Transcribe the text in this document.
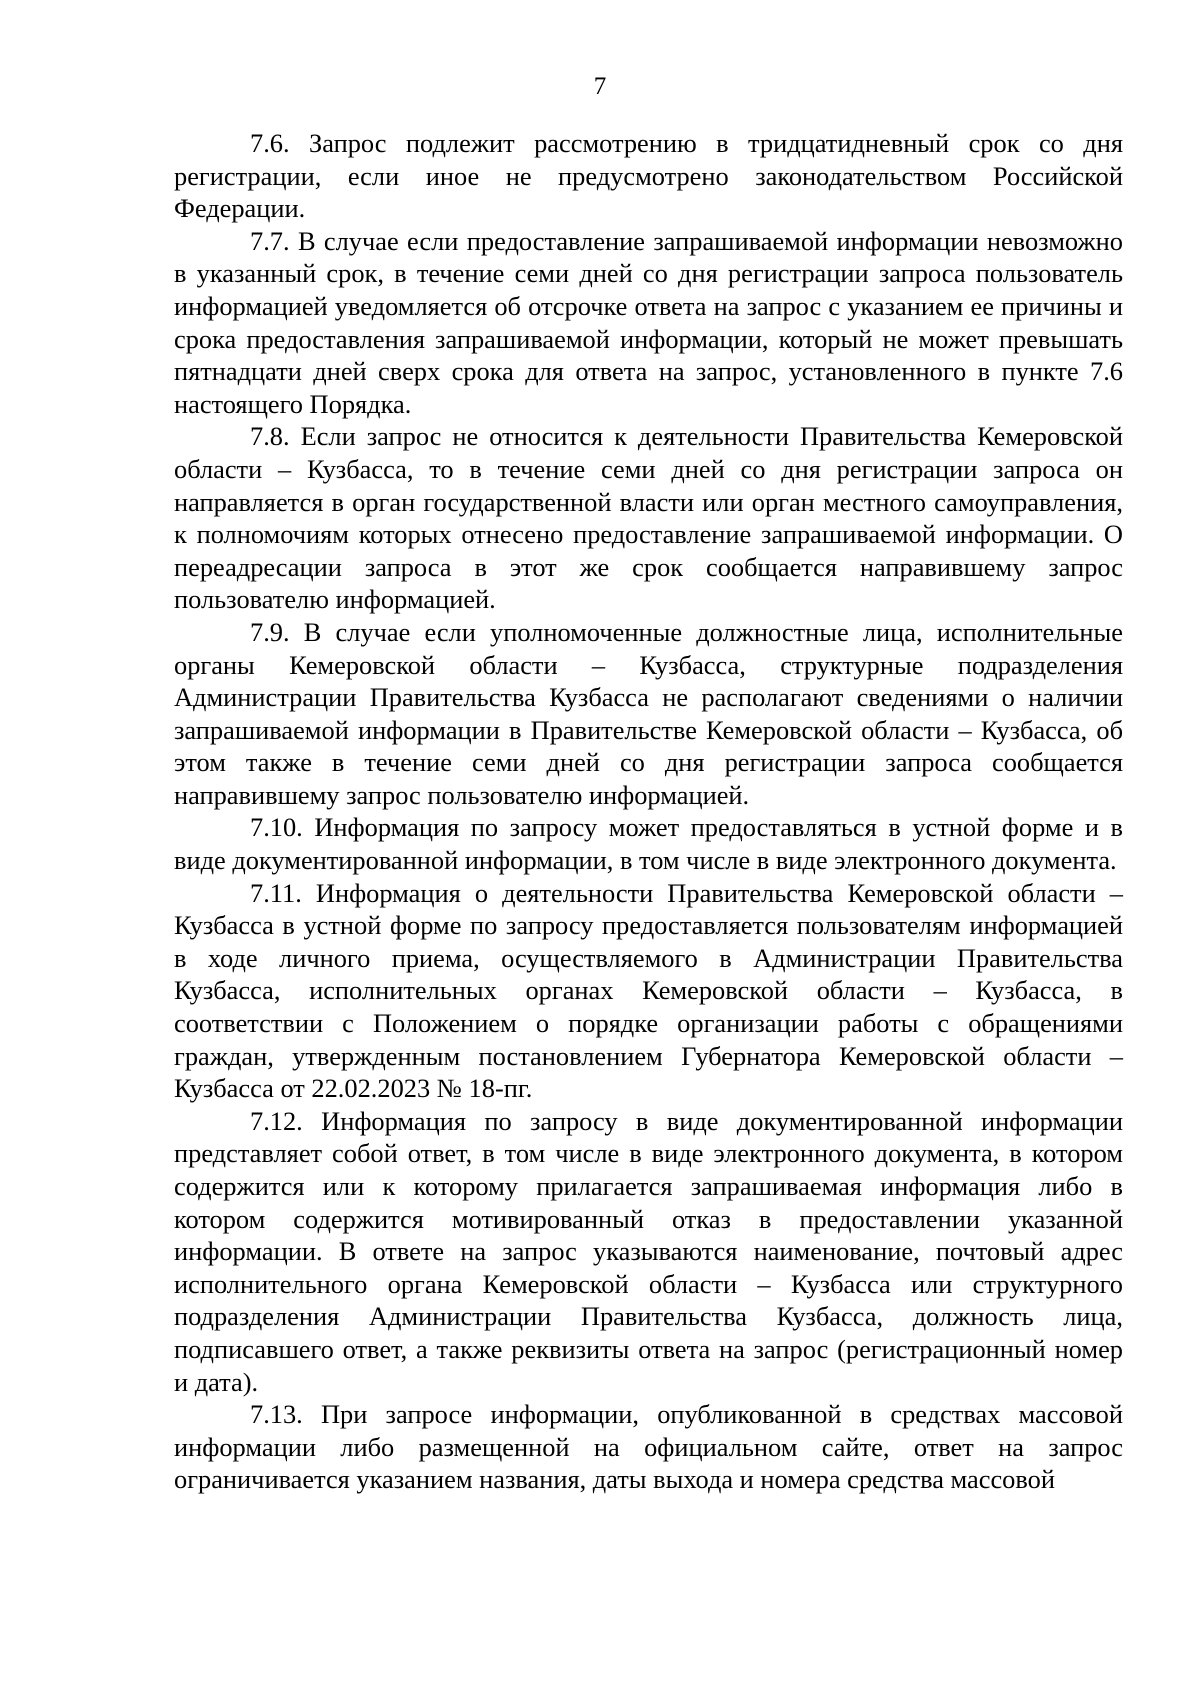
7

7.6. Запрос подлежит рассмотрению в тридцатидневный срок со дня регистрации, если иное не предусмотрено законодательством Российской Федерации.

7.7. В случае если предоставление запрашиваемой информации невозможно в указанный срок, в течение семи дней со дня регистрации запроса пользователь информацией уведомляется об отсрочке ответа на запрос с указанием ее причины и срока предоставления запрашиваемой информации, который не может превышать пятнадцати дней сверх срока для ответа на запрос, установленного в пункте 7.6 настоящего Порядка.

7.8. Если запрос не относится к деятельности Правительства Кемеровской области – Кузбасса, то в течение семи дней со дня регистрации запроса он направляется в орган государственной власти или орган местного самоуправления, к полномочиям которых отнесено предоставление запрашиваемой информации. О переадресации запроса в этот же срок сообщается направившему запрос пользователю информацией.

7.9. В случае если уполномоченные должностные лица, исполнительные органы Кемеровской области – Кузбасса, структурные подразделения Администрации Правительства Кузбасса не располагают сведениями о наличии запрашиваемой информации в Правительстве Кемеровской области – Кузбасса, об этом также в течение семи дней со дня регистрации запроса сообщается направившему запрос пользователю информацией.

7.10. Информация по запросу может предоставляться в устной форме и в виде документированной информации, в том числе в виде электронного документа.

7.11. Информация о деятельности Правительства Кемеровской области – Кузбасса в устной форме по запросу предоставляется пользователям информацией в ходе личного приема, осуществляемого в Администрации Правительства Кузбасса, исполнительных органах Кемеровской области – Кузбасса, в соответствии с Положением о порядке организации работы с обращениями граждан, утвержденным постановлением Губернатора Кемеровской области – Кузбасса от 22.02.2023 № 18-пг.

7.12. Информация по запросу в виде документированной информации представляет собой ответ, в том числе в виде электронного документа, в котором содержится или к которому прилагается запрашиваемая информация либо в котором содержится мотивированный отказ в предоставлении указанной информации. В ответе на запрос указываются наименование, почтовый адрес исполнительного органа Кемеровской области – Кузбасса или структурного подразделения Администрации Правительства Кузбасса, должность лица, подписавшего ответ, а также реквизиты ответа на запрос (регистрационный номер и дата).

7.13. При запросе информации, опубликованной в средствах массовой информации либо размещенной на официальном сайте, ответ на запрос ограничивается указанием названия, даты выхода и номера средства массовой
